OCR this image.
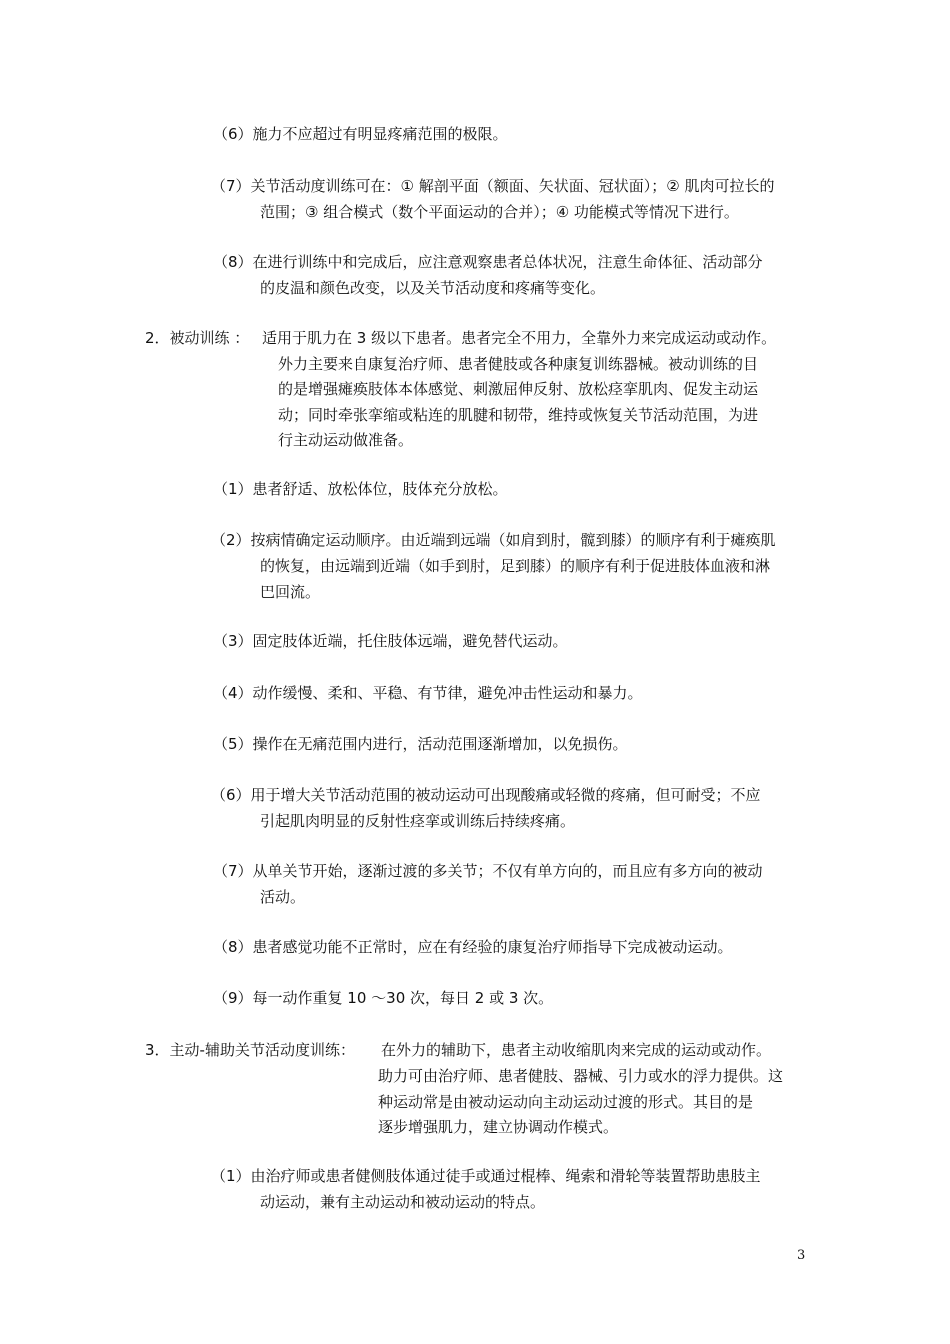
（6）施力不应超过有明显疼痛范围的极限。
（7）关节活动度训练可在：① 解剖平面（额面、矢状面、冠状面）；② 肌肉可拉长的
范围；③ 组合模式（数个平面运动的合并）；④ 功能模式等情况下进行。
（8）在进行训练中和完成后，应注意观察患者总体状况，注意生命体征、活动部分
的皮温和颜色改变，以及关节活动度和疼痛等变化。
2．被动训练 ： 适用于肌力在 3 级以下患者。患者完全不用力，全靠外力来完成运动或动作。
外力主要来自康复治疗师、患者健肢或各种康复训练器械。被动训练的目
的是增强瘫痪肢体本体感觉、刺激屈伸反射、放松痉挛肌肉、促发主动运
动；同时牵张挛缩或粘连的肌腱和韧带，维持或恢复关节活动范围，为进
行主动运动做准备。
（1）患者舒适、放松体位，肢体充分放松。
（2）按病情确定运动顺序。由近端到远端（如肩到肘，髋到膝）的顺序有利于瘫痪肌
的恢复，由远端到近端（如手到肘，足到膝）的顺序有利于促进肢体血液和淋
巴回流。
（3）固定肢体近端，托住肢体远端，避免替代运动。
（4）动作缓慢、柔和、平稳、有节律，避免冲击性运动和暴力。
（5）操作在无痛范围内进行，活动范围逐渐增加，以免损伤。
（6）用于增大关节活动范围的被动运动可出现酸痛或轻微的疼痛，但可耐受；不应
引起肌肉明显的反射性痉挛或训练后持续疼痛。
（7）从单关节开始，逐渐过渡的多关节；不仅有单方向的，而且应有多方向的被动
活动。
（8）患者感觉功能不正常时，应在有经验的康复治疗师指导下完成被动运动。
（9）每一动作重复 10 ～30 次，每日 2 或 3 次。
3．主动-辅助关节活动度训练： 在外力的辅助下，患者主动收缩肌肉来完成的运动或动作。
助力可由治疗师、患者健肢、器械、引力或水的浮力提供。这
种运动常是由被动运动向主动运动过渡的形式。其目的是
逐步增强肌力，建立协调动作模式。
（1）由治疗师或患者健侧肢体通过徒手或通过棍棒、绳索和滑轮等装置帮助患肢主
动运动，兼有主动运动和被动运动的特点。
3
